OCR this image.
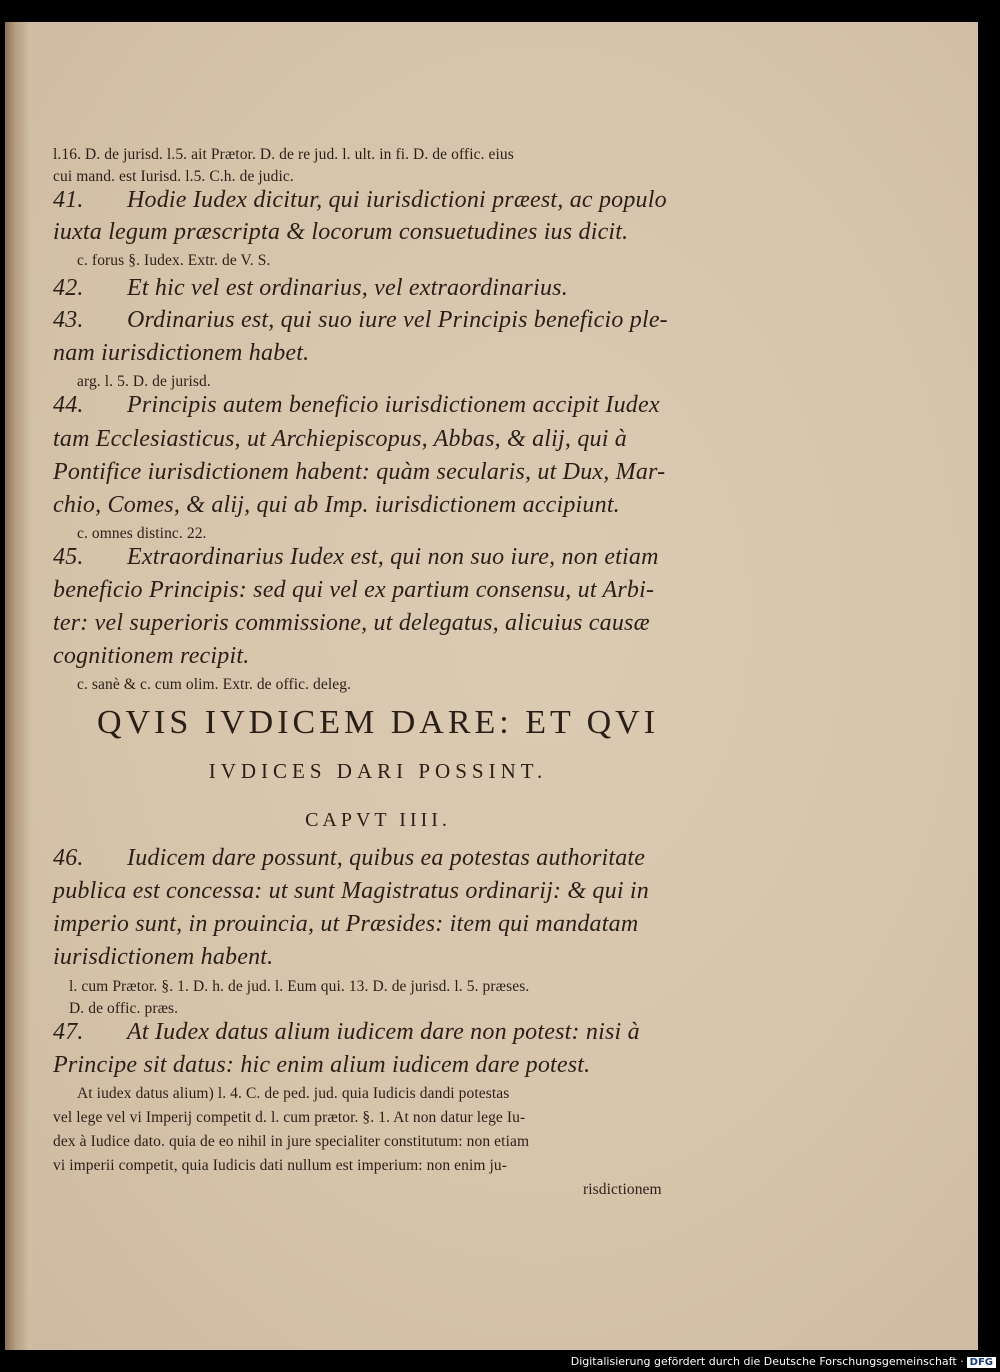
l.16. D. de jurisd. l.5. ait Prætor. D. de re jud. l. ult. in fi. D. de offic. eius
cui mand. est Iurisd. l.5. C.h. de judic.
41. Hodie Iudex dicitur, qui iurisdictioni præest, ac populo
iuxta legum præscripta & locorum consuetudines ius dicit.
c. forus §. Iudex. Extr. de V. S.
42. Et hic vel est ordinarius, vel extraordinarius.
43. Ordinarius est, qui suo iure vel Principis beneficio ple-
nam iurisdictionem habet.
arg. l. 5. D. de jurisd.
44. Principis autem beneficio iurisdictionem accipit Iudex
tam Ecclesiasticus, ut Archiepiscopus, Abbas, & alij, qui à
Pontifice iurisdictionem habent: quàm secularis, ut Dux, Mar-
chio, Comes, & alij, qui ab Imp. iurisdictionem accipiunt.
c. omnes distinc. 22.
45. Extraordinarius Iudex est, qui non suo iure, non etiam
beneficio Principis: sed qui vel ex partium consensu, ut Arbi-
ter: vel superioris commissione, ut delegatus, alicuius causæ
cognitionem recipit.
c. sanè & c. cum olim. Extr. de offic. deleg.
QVIS IVDICEM DARE: ET QVI
IVDICES DARI POSSINT.
CAPVT IIII.
46. Iudicem dare possunt, quibus ea potestas authoritate
publica est concessa: ut sunt Magistratus ordinarij: & qui in
imperio sunt, in prouincia, ut Præsides: item qui mandatam
iurisdictionem habent.
l. cum Prætor. §. 1. D. h. de jud. l. Eum qui. 13. D. de jurisd. l. 5. præses.
D. de offic. præs.
47. At Iudex datus alium iudicem dare non potest: nisi à
Principe sit datus: hic enim alium iudicem dare potest.
At iudex datus alium) l. 4. C. de ped. jud. quia Iudicis dandi potestas
vel lege vel vi Imperij competit d. l. cum prætor. §. 1. At non datur lege Iu-
dex à Iudice dato. quia de eo nihil in jure specialiter constitutum: non etiam
vi imperii competit, quia Iudicis dati nullum est imperium: non enim ju-
risdictionem
Digitalisierung gefördert durch die Deutsche Forschungsgemeinschaft · DFG
